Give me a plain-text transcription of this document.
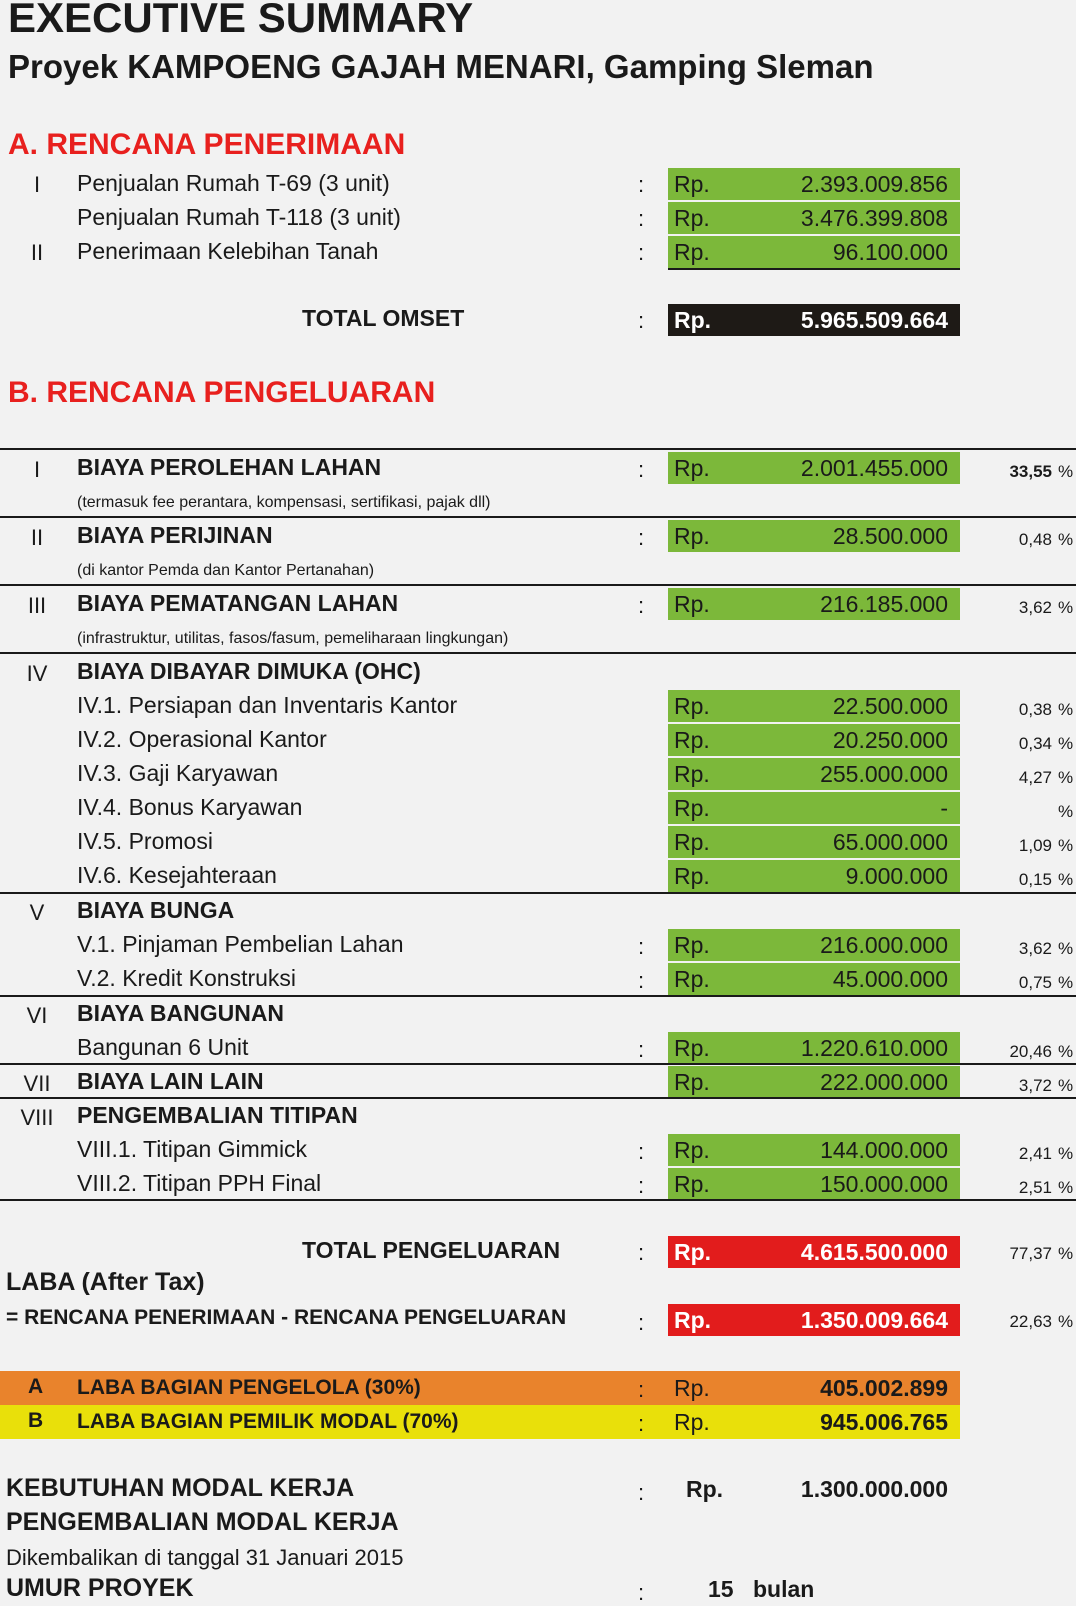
EXECUTIVE SUMMARY
Proyek KAMPOENG GAJAH MENARI, Gamping Sleman
A. RENCANA PENERIMAAN
I	Penjualan Rumah T-69 (3 unit)	: Rp.	2.393.009.856
Penjualan Rumah T-118 (3 unit)	: Rp.	3.476.399.808
II	Penerimaan Kelebihan Tanah	: Rp.	96.100.000
TOTAL OMSET	: Rp.	5.965.509.664
B. RENCANA PENGELUARAN
I	BIAYA PEROLEHAN LAHAN	: Rp.	2.001.455.000	33,55 %
(termasuk fee perantara, kompensasi, sertifikasi, pajak dll)
II	BIAYA PERIJINAN	: Rp.	28.500.000	0,48 %
(di kantor Pemda dan Kantor Pertanahan)
III	BIAYA PEMATANGAN LAHAN	: Rp.	216.185.000	3,62 %
(infrastruktur, utilitas, fasos/fasum, pemeliharaan lingkungan)
IV	BIAYA DIBAYAR DIMUKA (OHC)
IV.1. Persiapan dan Inventaris Kantor	Rp.	22.500.000	0,38 %
IV.2. Operasional Kantor	Rp.	20.250.000	0,34 %
IV.3. Gaji Karyawan	Rp.	255.000.000	4,27 %
IV.4. Bonus Karyawan	Rp.	-	%
IV.5. Promosi	Rp.	65.000.000	1,09 %
IV.6. Kesejahteraan	Rp.	9.000.000	0,15 %
V	BIAYA BUNGA
V.1. Pinjaman Pembelian Lahan	: Rp.	216.000.000	3,62 %
V.2. Kredit Konstruksi	: Rp.	45.000.000	0,75 %
VI	BIAYA BANGUNAN
Bangunan 6 Unit	: Rp.	1.220.610.000	20,46 %
VII	BIAYA LAIN LAIN	Rp.	222.000.000	3,72 %
VIII PENGEMBALIAN TITIPAN
VIII.1. Titipan Gimmick	: Rp.	144.000.000	2,41 %
VIII.2. Titipan PPH Final	: Rp.	150.000.000	2,51 %
TOTAL PENGELUARAN	: Rp.	4.615.500.000	77,37 %
LABA (After Tax)
= RENCANA PENERIMAAN - RENCANA PENGELUARAN	: Rp.	1.350.009.664	22,63 %
A LABA BAGIAN PENGELOLA (30%)	: Rp.	405.002.899
B LABA BAGIAN PEMILIK MODAL (70%)	: Rp.	945.006.765
KEBUTUHAN MODAL KERJA	: Rp.	1.300.000.000
PENGEMBALIAN MODAL KERJA
Dikembalikan di tanggal 31 Januari 2015
UMUR PROYEK	:	15 bulan
